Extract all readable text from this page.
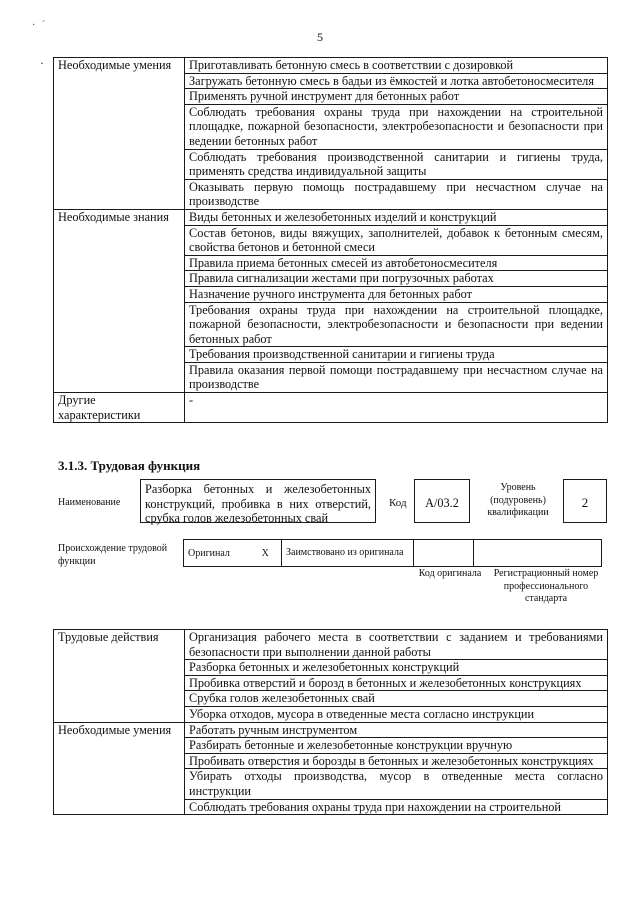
· ˊ
·
5
Необходимые умения	Приготавливать бетонную смесь в соответствии с дозировкой
	Загружать бетонную смесь в бадьи из ёмкостей и лотка автобетоносмесителя
	Применять ручной инструмент для бетонных работ
	Соблюдать требования охраны труда при нахождении на строительной площадке, пожарной безопасности, электробезопасности и безопасности при ведении бетонных работ
	Соблюдать требования производственной санитарии и гигиены труда, применять средства индивидуальной защиты
	Оказывать первую помощь пострадавшему при несчастном случае на производстве
Необходимые знания	Виды бетонных и железобетонных изделий и конструкций
	Состав бетонов, виды вяжущих, заполнителей, добавок к бетонным смесям, свойства бетонов и бетонной смеси
	Правила приема бетонных смесей из автобетоносмесителя
	Правила сигнализации жестами при погрузочных работах
	Назначение ручного инструмента для бетонных работ
	Требования охраны труда при нахождении на строительной площадке, пожарной безопасности, электробезопасности и безопасности при ведении бетонных работ
	Требования производственной санитарии и гигиены труда
	Правила оказания первой помощи пострадавшему при несчастном случае на производстве
Другие характеристики	-
3.1.3. Трудовая функция
Наименование
Разборка бетонных и железобетонных конструкций, пробивка в них отверстий, срубка голов железобетонных свай
Код	А/03.2
Уровень (подуровень) квалификации
2
Происхождение трудовой функции
Оригинал	X	Заимствовано из оригинала		
Код оригинала	Регистрационный номер профессионального стандарта
Трудовые действия	Организация рабочего места в соответствии с заданием и требованиями безопасности при выполнении данной работы
	Разборка бетонных и железобетонных конструкций
	Пробивка отверстий и борозд в бетонных и железобетонных конструкциях
	Срубка голов железобетонных свай
	Уборка отходов, мусора в отведенные места согласно инструкции
Необходимые умения	Работать ручным инструментом
	Разбирать бетонные и железобетонные конструкции вручную
	Пробивать отверстия и борозды в бетонных и железобетонных конструкциях
	Убирать отходы производства, мусор в отведенные места согласно инструкции
	Соблюдать требования охраны труда при нахождении на строительной
